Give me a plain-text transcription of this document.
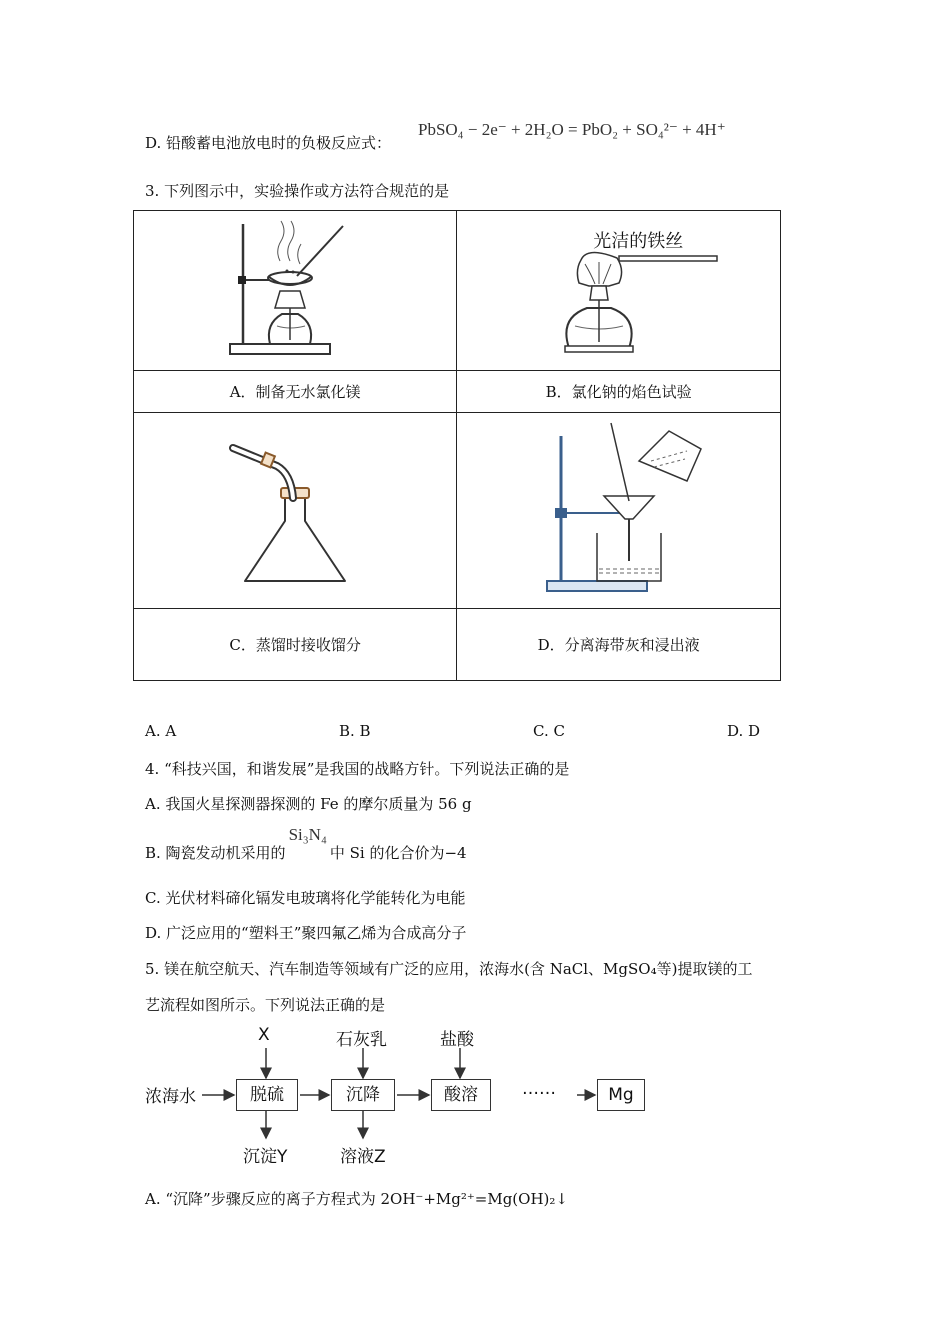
D. 铅酸蓄电池放电时的负极反应式：
PbSO₄ − 2e⁻ + 2H₂O = PbO₂ + SO₄²⁻ + 4H⁺
3. 下列图示中，实验操作或方法符合规范的是

光洁的铁丝

A．制备无水氯化镁	B．氯化钠的焰色试验

C．蒸馏时接收馏分	D．分离海带灰和浸出液
A. A	B. B	C. C	D. D
4. “科技兴国，和谐发展”是我国的战略方针。下列说法正确的是
A. 我国火星探测器探测的 Fe 的摩尔质量为 56 g
B. 陶瓷发动机采用的Si₃N₄中 Si 的化合价为−4
C. 光伏材料碲化镉发电玻璃将化学能转化为电能
D. 广泛应用的“塑料王”聚四氟乙烯为合成高分子
5. 镁在航空航天、汽车制造等领域有广泛的应用，浓海水(含 NaCl、MgSO₄等)提取镁的工
艺流程如图所示。下列说法正确的是
浓海水	脱硫	沉降	酸溶	……	Mg
X	石灰乳	盐酸
沉淀Y	溶液Z
A. “沉降”步骤反应的离子方程式为 2OH⁻+Mg²⁺=Mg(OH)₂↓
